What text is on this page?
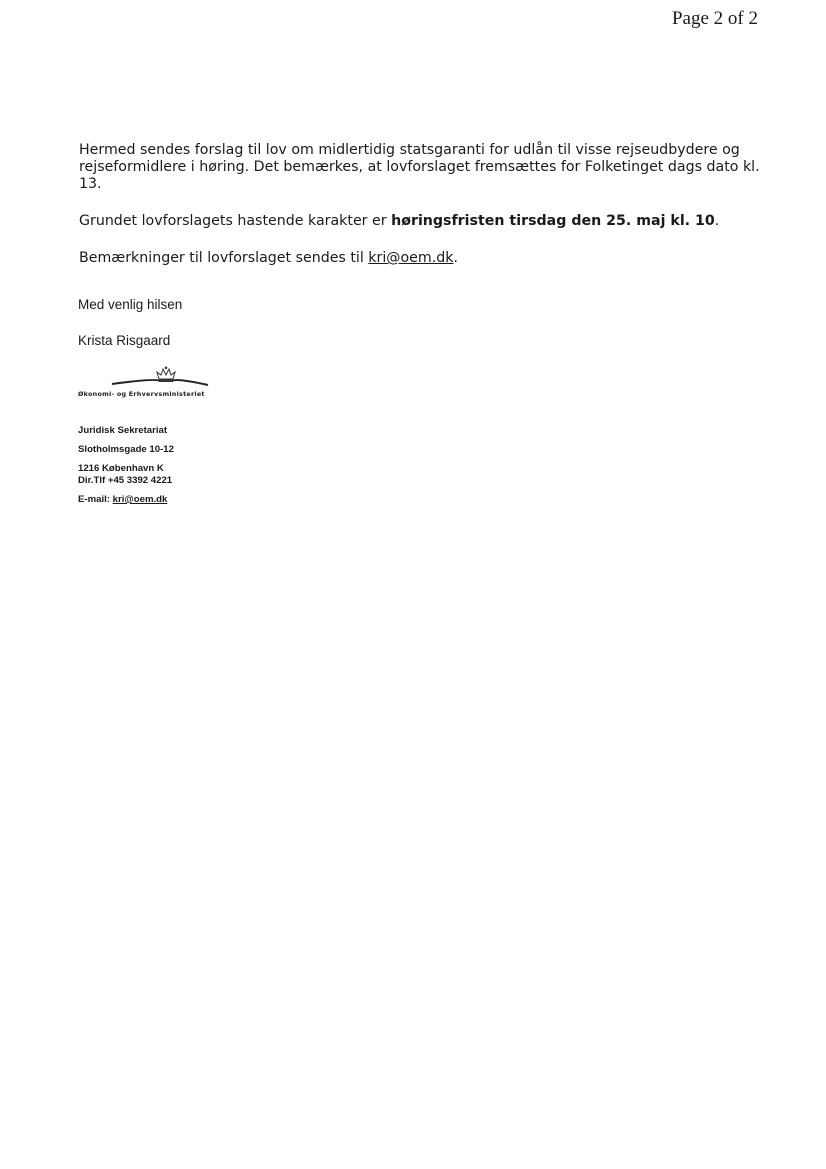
Page 2 of 2
Hermed sendes forslag til lov om midlertidig statsgaranti for udlån til visse rejseudbydere og rejseformidlere i høring. Det bemærkes, at lovforslaget fremsættes for Folketinget dags dato kl. 13.
Grundet lovforslagets hastende karakter er høringsfristen tirsdag den 25. maj kl. 10.
Bemærkninger til lovforslaget sendes til kri@oem.dk.
Med venlig hilsen
Krista Risgaard
Økonomi- og Erhvervsministeriet
Juridisk Sekretariat
Slotholmsgade 10-12
1216 København K
Dir.Tlf +45 3392 4221
E-mail: kri@oem.dk
